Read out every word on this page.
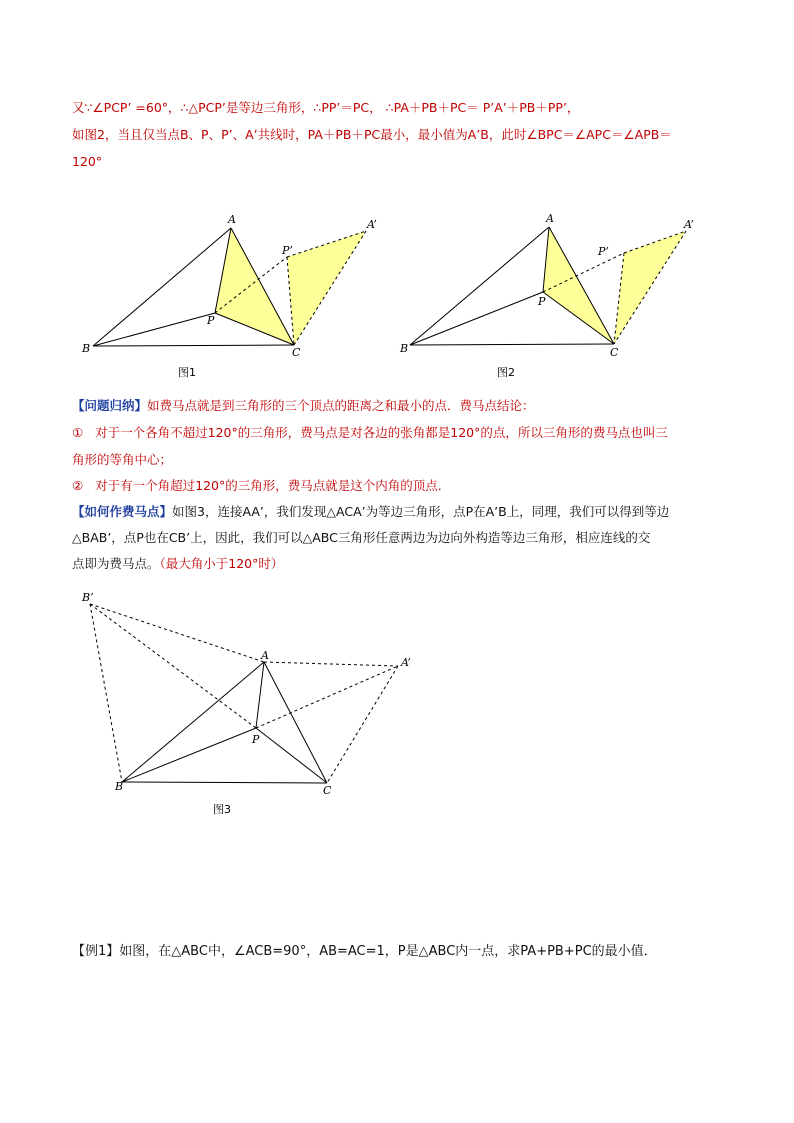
又∵∠PCP’ =60°，∴△PCP’是等边三角形，∴PP’＝PC， ∴PA＋PB＋PC＝ P’A’＋PB＋PP’，
如图2，当且仅当点B、P、P’、A’共线时，PA＋PB＋PC最小，最小值为A’B，此时∠BPC＝∠APC＝∠APB＝
120°
A	A’
P’
P
B	C
图1
A	A’
P’
P
B	C
图2
【问题归纳】如费马点就是到三角形的三个顶点的距离之和最小的点．费马点结论：
① 对于一个各角不超过120°的三角形，费马点是对各边的张角都是120°的点，所以三角形的费马点也叫三
角形的等角中心；
② 对于有一个角超过120°的三角形，费马点就是这个内角的顶点．
【如何作费马点】如图3，连接AA’，我们发现△ACA’为等边三角形，点P在A’B上，同理，我们可以得到等边
△BAB’，点P也在CB’上，因此，我们可以△ABC三角形任意两边为边向外构造等边三角形，相应连线的交
点即为费马点。（最大角小于120°时）
B’
A
A’
P
B	C
图3
【例1】如图，在△ABC中，∠ACB=90°，AB=AC=1，P是△ABC内一点，求PA+PB+PC的最小值．
